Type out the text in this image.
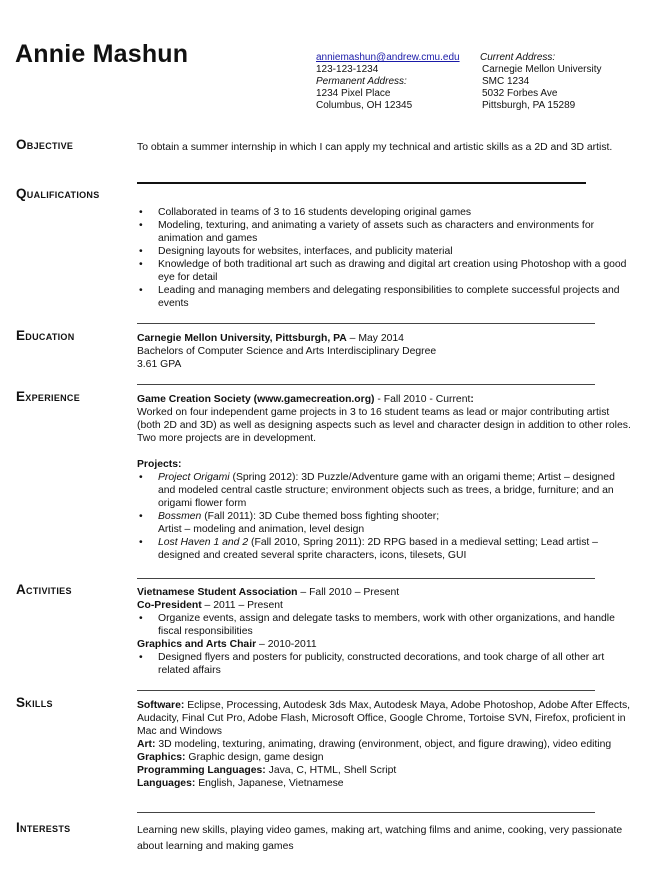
Annie Mashun	anniemashun@andrew.cmu.edu
123-123-1234
Permanent Address:
1234 Pixel Place
Columbus, OH 12345
Current Address:
Carnegie Mellon University
SMC 1234
5032 Forbes Ave
Pittsburgh, PA 15289
Objective	To obtain a summer internship in which I can apply my technical and artistic skills as a 2D and 3D artist.
Qualifications
• Collaborated in teams of 3 to 16 students developing original games
• Modeling, texturing, and animating a variety of assets such as characters and environments for animation and games
• Designing layouts for websites, interfaces, and publicity material
• Knowledge of both traditional art such as drawing and digital art creation using Photoshop with a good eye for detail
• Leading and managing members and delegating responsibilities to complete successful projects and events
Education	Carnegie Mellon University, Pittsburgh, PA – May 2014
Bachelors of Computer Science and Arts Interdisciplinary Degree
3.61 GPA
Experience	Game Creation Society (www.gamecreation.org) - Fall 2010 - Current:
Worked on four independent game projects in 3 to 16 student teams as lead or major contributing artist (both 2D and 3D) as well as designing aspects such as level and character design in addition to other roles. Two more projects are in development.
Projects:
• Project Origami (Spring 2012): 3D Puzzle/Adventure game with an origami theme; Artist – designed and modeled central castle structure; environment objects such as trees, a bridge, furniture; and an origami flower form
• Bossmen (Fall 2011): 3D Cube themed boss fighting shooter;
Artist – modeling and animation, level design
• Lost Haven 1 and 2 (Fall 2010, Spring 2011): 2D RPG based in a medieval setting; Lead artist – designed and created several sprite characters, icons, tilesets, GUI
Activities	Vietnamese Student Association – Fall 2010 – Present
Co-President – 2011 – Present
• Organize events, assign and delegate tasks to members, work with other organizations, and handle fiscal responsibilities
Graphics and Arts Chair – 2010-2011
• Designed flyers and posters for publicity, constructed decorations, and took charge of all other art related affairs
Skills	Software: Eclipse, Processing, Autodesk 3ds Max, Autodesk Maya, Adobe Photoshop, Adobe After Effects, Audacity, Final Cut Pro, Adobe Flash, Microsoft Office, Google Chrome, Tortoise SVN, Firefox, proficient in Mac and Windows
Art: 3D modeling, texturing, animating, drawing (environment, object, and figure drawing), video editing
Graphics: Graphic design, game design
Programming Languages: Java, C, HTML, Shell Script
Languages: English, Japanese, Vietnamese
Interests	Learning new skills, playing video games, making art, watching films and anime, cooking, very passionate about learning and making games
